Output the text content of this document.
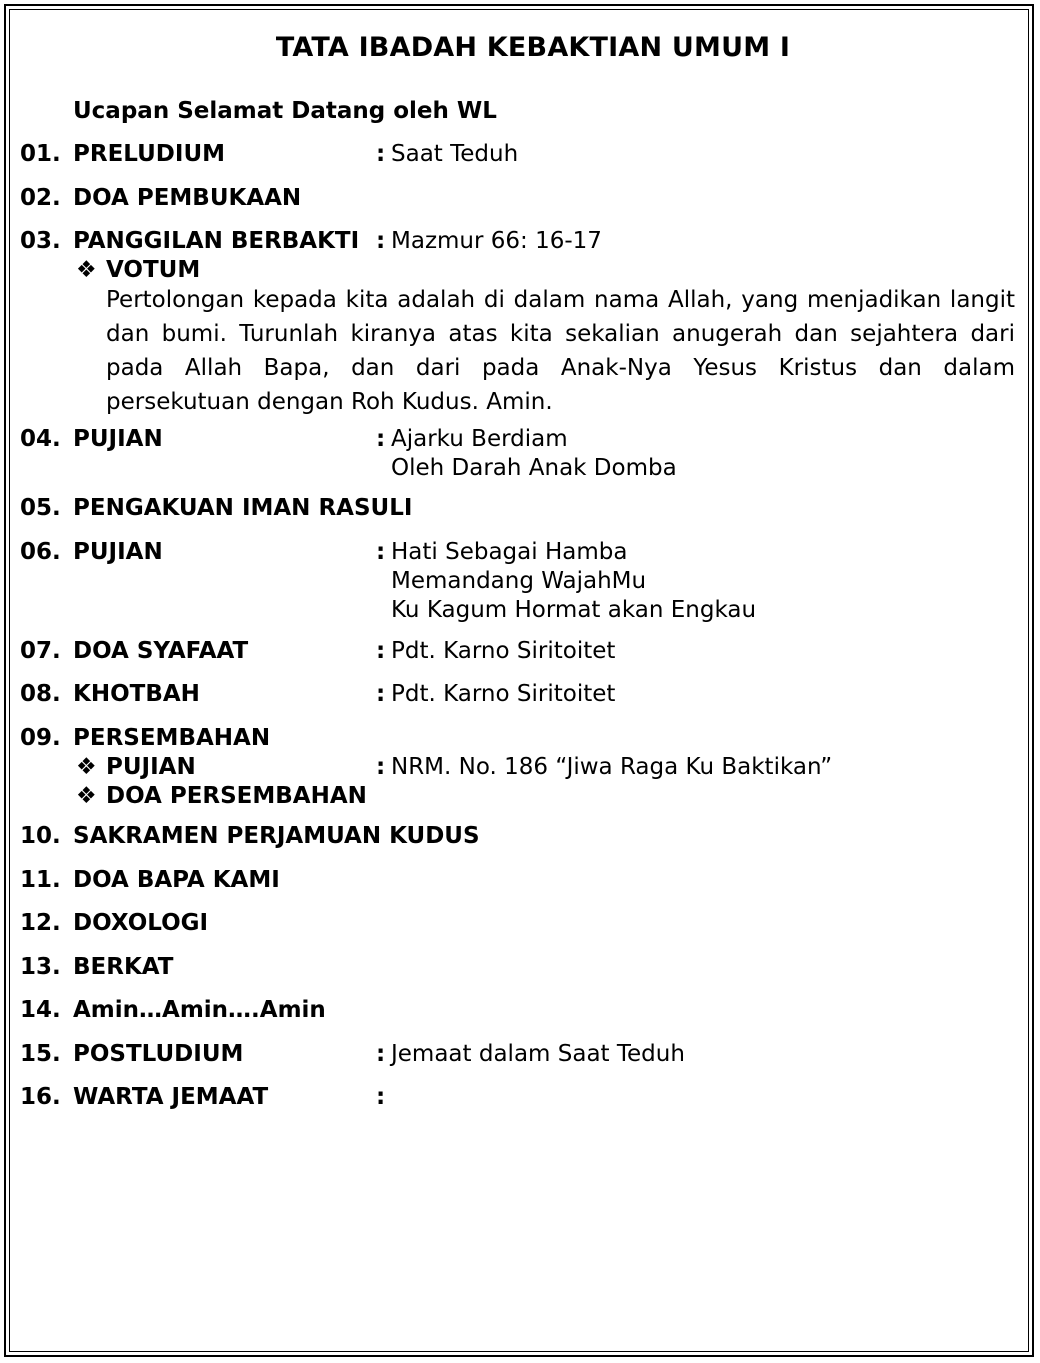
TATA IBADAH KEBAKTIAN UMUM I
Ucapan Selamat Datang oleh WL
01. PRELUDIUM	: Saat Teduh
02. DOA PEMBUKAAN
03. PANGGILAN BERBAKTI : Mazmur 66: 16-17
❖ VOTUM
Pertolongan kepada kita adalah di dalam nama Allah, yang menjadikan langit dan bumi. Turunlah kiranya atas kita sekalian anugerah dan sejahtera dari pada Allah Bapa, dan dari pada Anak-Nya Yesus Kristus dan dalam persekutuan dengan Roh Kudus. Amin.
04. PUJIAN	: Ajarku Berdiam
Oleh Darah Anak Domba
05. PENGAKUAN IMAN RASULI
06. PUJIAN	: Hati Sebagai Hamba
Memandang WajahMu
Ku Kagum Hormat akan Engkau
07. DOA SYAFAAT	: Pdt. Karno Siritoitet
08. KHOTBAH	: Pdt. Karno Siritoitet
09. PERSEMBAHAN
❖ PUJIAN	: NRM. No. 186 “Jiwa Raga Ku Baktikan”
❖ DOA PERSEMBAHAN
10. SAKRAMEN PERJAMUAN KUDUS
11. DOA BAPA KAMI
12. DOXOLOGI
13. BERKAT
14. Amin…Amin….Amin
15. POSTLUDIUM	: Jemaat dalam Saat Teduh
16. WARTA JEMAAT	:
